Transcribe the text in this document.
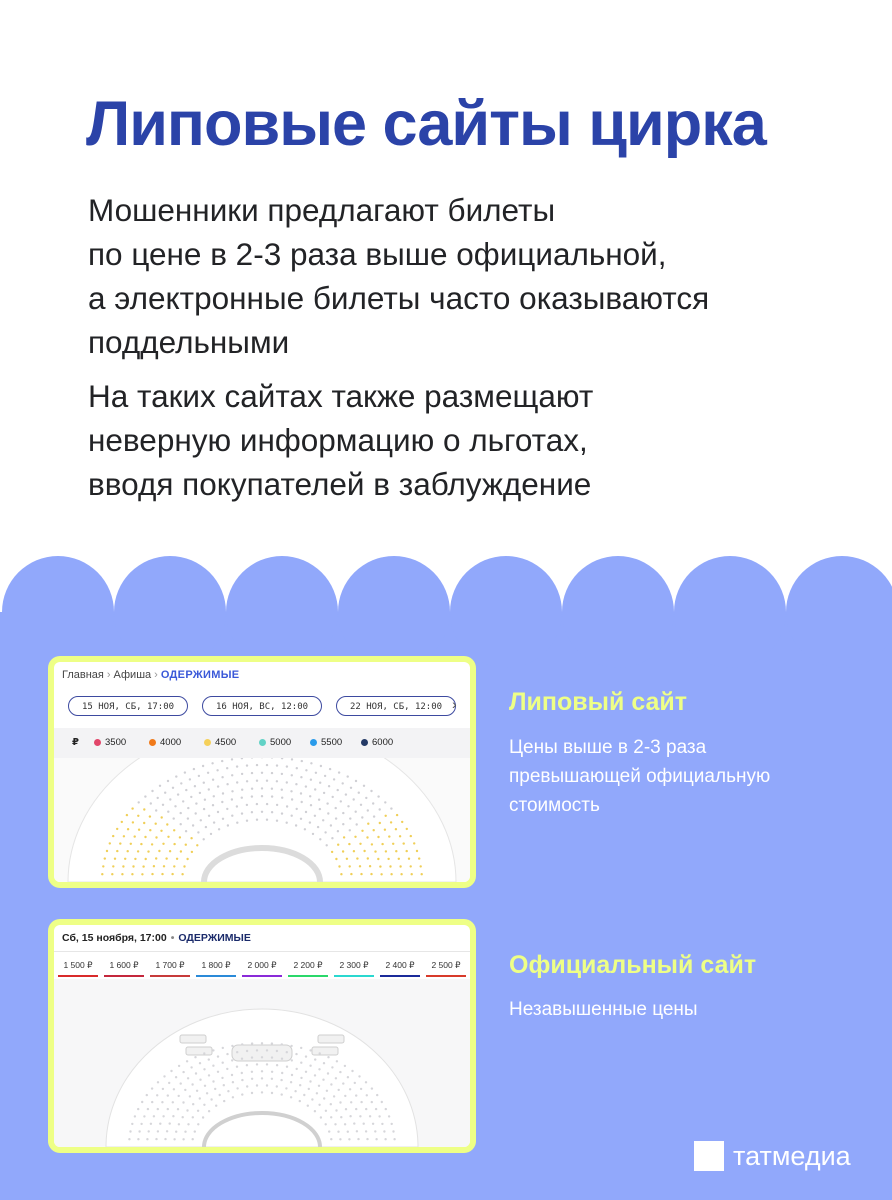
Липовые сайты цирка

Мошенники предлагают билеты
по цене в 2-3 раза выше официальной,
а электронные билеты часто оказываются
поддельными

На таких сайтах также размещают
неверную информацию о льготах,
вводя покупателей в заблуждение

Главная › Афиша › ОДЕРЖИМЫЕ
15 НОЯ, СБ, 17:00	16 НОЯ, ВС, 12:00	22 НОЯ, СБ, 12:00 ›
₽	3500	4000	4500	5000	5500	6000
Липовый сайт

Цены выше в 2-3 раза
превышающей официальную
стоимость

Сб, 15 ноября, 17:00 • ОДЕРЖИМЫЕ
1 500 ₽	1 600 ₽	1 700 ₽	1 800 ₽	2 000 ₽	2 200 ₽	2 300 ₽	2 400 ₽	2 500 ₽ Официальный сайт

Незавышенные цены

татмедиа
